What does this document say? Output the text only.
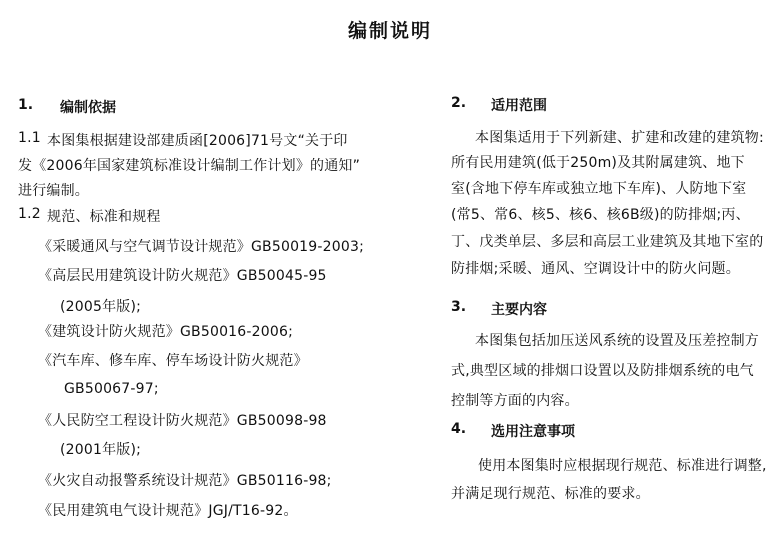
编制说明
1. 编制依据
1.1 本图集根据建设部建质函[2006]71号文“关于印
发《2006年国家建筑标准设计编制工作计划》的通知”
进行编制。
1.2 规范、标准和规程
《采暖通风与空气调节设计规范》GB50019-2003;
《高层民用建筑设计防火规范》GB50045-95
(2005年版);
《建筑设计防火规范》GB50016-2006;
《汽车库、修车库、停车场设计防火规范》
GB50067-97;
《人民防空工程设计防火规范》GB50098-98
(2001年版);
《火灾自动报警系统设计规范》GB50116-98;
《民用建筑电气设计规范》JGJ/T16-92。
2. 适用范围
本图集适用于下列新建、扩建和改建的建筑物:
所有民用建筑(低于250m)及其附属建筑、地下
室(含地下停车库或独立地下车库)、人防地下室
(常5、常6、核5、核6、核6B级)的防排烟;丙、
丁、戊类单层、多层和高层工业建筑及其地下室的
防排烟;采暖、通风、空调设计中的防火问题。
3. 主要内容
本图集包括加压送风系统的设置及压差控制方
式,典型区域的排烟口设置以及防排烟系统的电气
控制等方面的内容。
4. 选用注意事项
使用本图集时应根据现行规范、标准进行调整,
并满足现行规范、标准的要求。
